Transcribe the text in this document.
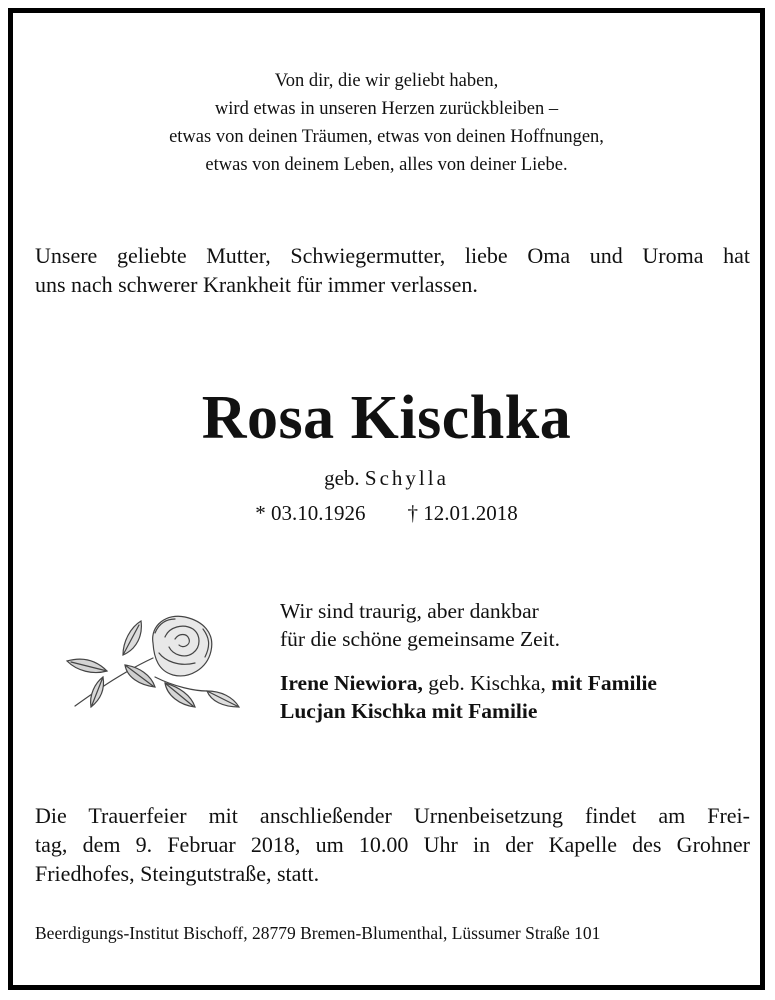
Von dir, die wir geliebt haben,
wird etwas in unseren Herzen zurückbleiben –
etwas von deinen Träumen, etwas von deinen Hoffnungen,
etwas von deinem Leben, alles von deiner Liebe.
Unsere geliebte Mutter, Schwiegermutter, liebe Oma und Uroma hat
uns nach schwerer Krankheit für immer verlassen.
Rosa Kischka
geb. Schylla
* 03.10.1926 † 12.01.2018
Wir sind traurig, aber dankbar
für die schöne gemeinsame Zeit.
Irene Niewiora, geb. Kischka, mit Familie
Lucjan Kischka mit Familie
Die Trauerfeier mit anschließender Urnenbeisetzung findet am Frei-
tag, dem 9. Februar 2018, um 10.00 Uhr in der Kapelle des Grohner
Friedhofes, Steingutstraße, statt.
Beerdigungs-Institut Bischoff, 28779 Bremen-Blumenthal, Lüssumer Straße 101
